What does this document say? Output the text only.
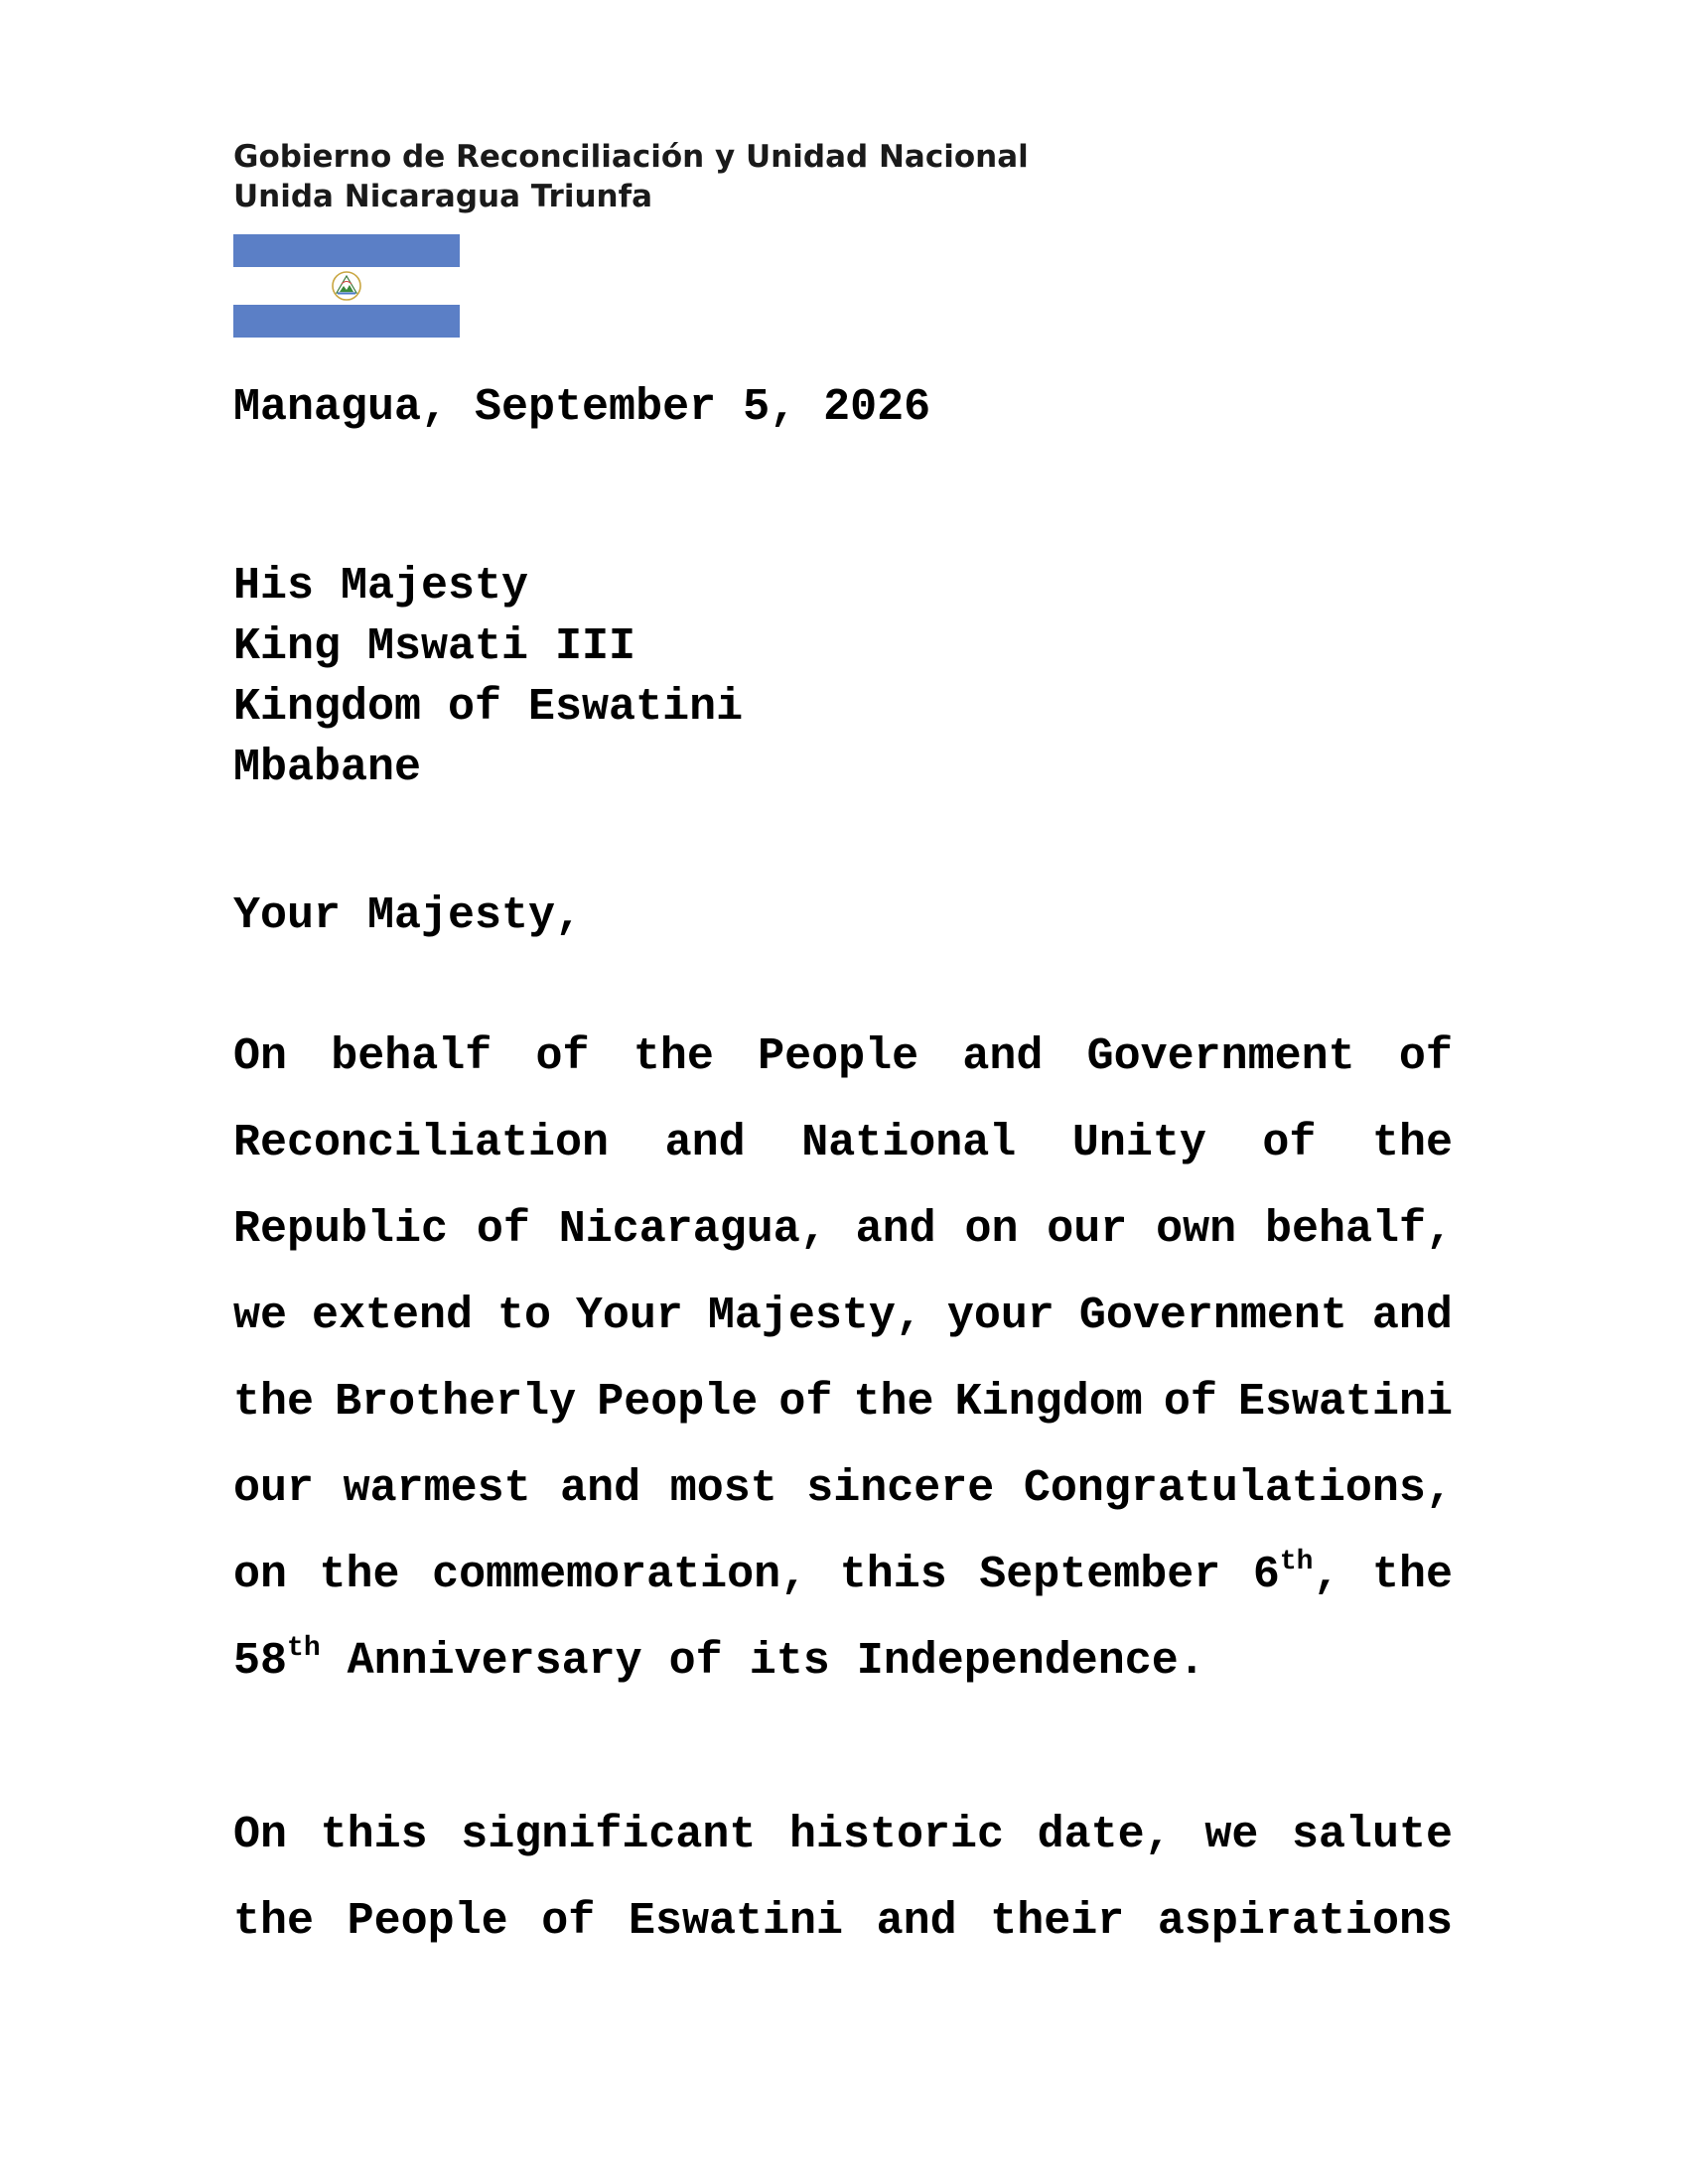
Gobierno de Reconciliación y Unidad Nacional
Unida Nicaragua Triunfa
Managua, September 5, 2026
His Majesty
King Mswati III
Kingdom of Eswatini
Mbabane
Your Majesty,
On behalf of the People and Government of
Reconciliation and National Unity of the
Republic of Nicaragua, and on our own behalf,
we extend to Your Majesty, your Government and
the Brotherly People of the Kingdom of Eswatini
our warmest and most sincere Congratulations,
on the commemoration, this September 6th, the
58th Anniversary of its Independence.
On this significant historic date, we salute
the People of Eswatini and their aspirations
